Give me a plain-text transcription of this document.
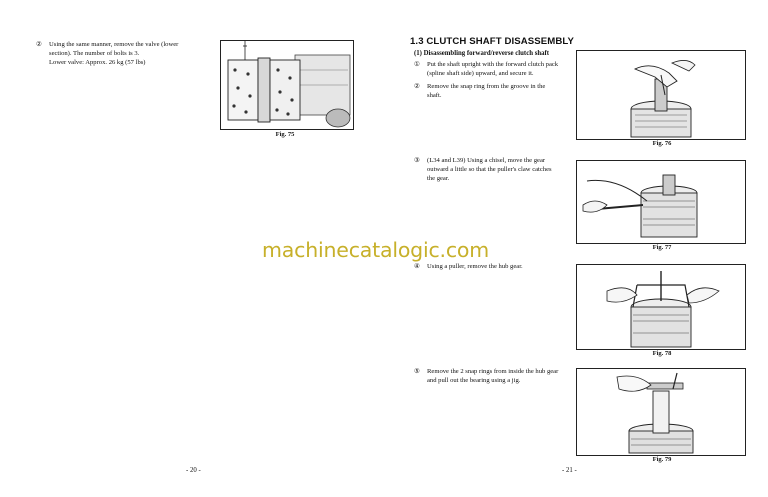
② Using the same manner, remove the valve (lower
section). The number of bolts is 3.
Lower valve: Approx. 26 kg (57 lbs)
Fig. 75
- 20 -
1.3 CLUTCH SHAFT DISASSEMBLY
(1) Disassembling forward/reverse clutch shaft
① Put the shaft upright with the forward clutch pack
(spline shaft side) upward, and secure it.
② Remove the snap ring from the groove in the
shaft.
Fig. 76
③ (L34 and L39) Using a chisel, move the gear
outward a little so that the puller's claw catches
the gear.
Fig. 77
④ Using a puller, remove the hub gear.
Fig. 78
⑤ Remove the 2 snap rings from inside the hub gear
and pull out the bearing using a jig.
Fig. 79
- 21 -
machinecatalogic.com
